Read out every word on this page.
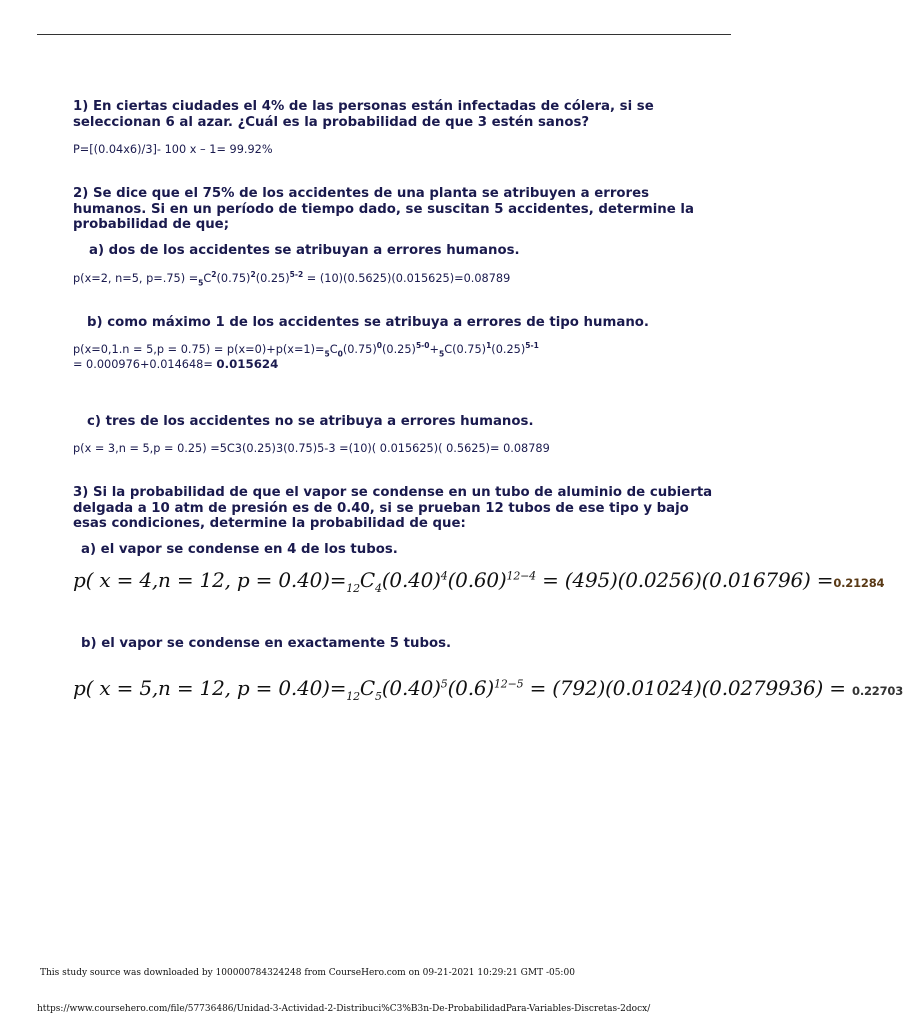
1) En ciertas ciudades el 4% de las personas están infectadas de cólera, si se seleccionan 6 al azar. ¿Cuál es la probabilidad de que 3 estén sanos?
P=[(0.04x6)/3]- 100 x – 1= 99.92%
2) Se dice que el 75% de los accidentes de una planta se atribuyen a errores humanos. Si en un período de tiempo dado, se suscitan 5 accidentes, determine la probabilidad de que;
a) dos de los accidentes se atribuyan a errores humanos.
p(x=2, n=5, $p=.75) =_5C^2(0.75)^2(0.25)^{5-2} = (10)(0.5625)(0.015625)=0.08789$
b) como máximo 1 de los accidentes se atribuya a errores de tipo humano.
$p(x=0,1.n = 5,p = 0.75) = p(x=0)+p(x=1)=_5C_0(0.75)^0(0.25)^{5-0}+_5C(0.75)^1(0.25)^{5-1}$
= 0.000976+0.014648= 0.015624
c) tres de los accidentes no se atribuya a errores humanos.
p(x = 3,n = 5,p = 0.25) =5C3(0.25)3(0.75)5-3 =(10)( 0.015625)( 0.5625)= 0.08789
3) Si la probabilidad de que el vapor se condense en un tubo de aluminio de cubierta delgada a 10 atm de presión es de 0.40, si se prueban 12 tubos de ese tipo y bajo esas condiciones, determine la probabilidad de que:
a) el vapor se condense en 4 de los tubos.
p( x = 4,n = 12, $p = 0.40)=_{12}C_4(0.40)^4(0.60)^{12-4} = (495)(0.0256)(0.016796) =0.21284$
b) el vapor se condense en exactamente 5 tubos.
p( x = 5,n = 12, $p = 0.40)=_{12}C_5(0.40)^5(0.6)^{12-5} = (792)(0.01024)(0.0279936) = 0.22703$
This study source was downloaded by 100000784324248 from CourseHero.com on 09-21-2021 10:29:21 GMT -05:00
https://www.coursehero.com/file/57736486/Unidad-3-Actividad-2-Distribuci%C3%B3n-De-ProbabilidadPara-Variables-Discretas-2docx/
